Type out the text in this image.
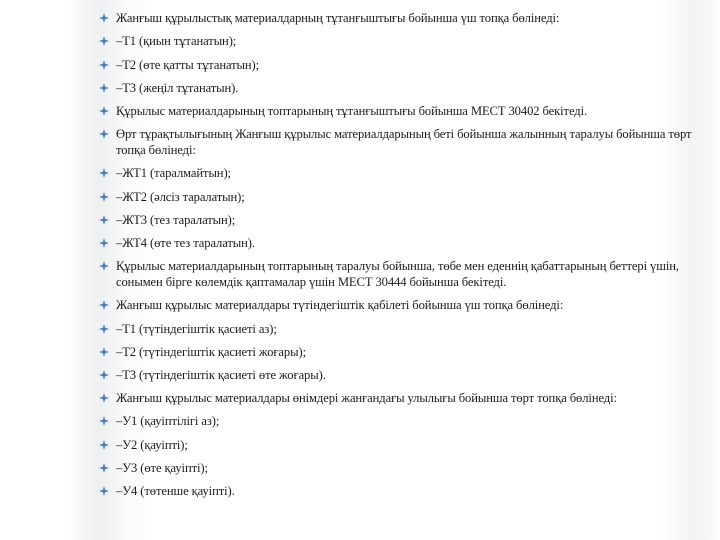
Жанғыш құрылыстық материалдарның тұтанғыштығы бойынша үш топқа бөлінеді:
–Т1 (қиын тұтанатын);
–Т2 (өте қатты тұтанатын);
–Т3 (жеңіл тұтанатын).
Құрылыс материалдарының топтарының тұтанғыштығы бойынша МЕСТ 30402 бекітеді.
Өрт тұрақтылығының Жанғыш құрылыс материалдарының беті бойынша жалынның таралуы бойынша төрт топқа бөлінеді:
–ЖТ1 (таралмайтын);
–ЖТ2 (әлсіз таралатын);
–ЖТ3 (тез таралатын);
–ЖТ4 (өте тез таралатын).
Құрылыс материалдарының топтарының таралуы бойынша, төбе мен еденнің қабаттарының беттері үшін, сонымен бірге көлемдік қаптамалар үшін МЕСТ 30444 бойынша бекітеді.
Жанғыш құрылыс материалдары түтіндегіштік қабілеті бойынша үш топқа бөлінеді:
–Т1 (түтіндегіштік қасиеті аз);
–Т2 (түтіндегіштік қасиеті жоғары);
–Т3 (түтіндегіштік қасиеті өте жоғары).
Жанғыш құрылыс материалдары өнімдері жанғандағы улылығы бойынша төрт топқа бөлінеді:
–У1 (қауіптілігі аз);
–У2 (қауіпті);
–У3 (өте қауіпті);
–У4 (төтенше қауіпті).
